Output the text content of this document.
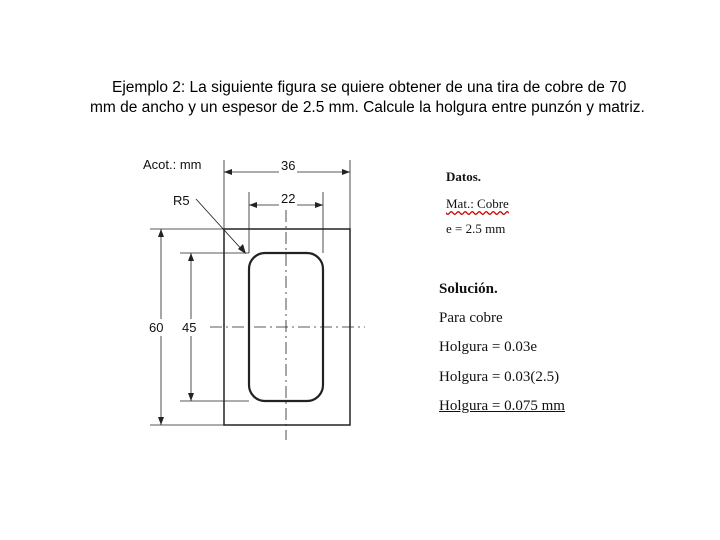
Ejemplo 2: La siguiente figura se quiere obtener de una tira de cobre de 70 mm de ancho y un espesor de 2.5 mm. Calcule la holgura entre punzón y matriz.
Acot.: mm
R5
36
22
60 45
Datos.
Mat.: Cobre
e = 2.5 mm
Solución.
Para cobre
Holgura = 0.03e
Holgura = 0.03(2.5)
Holgura = 0.075 mm
